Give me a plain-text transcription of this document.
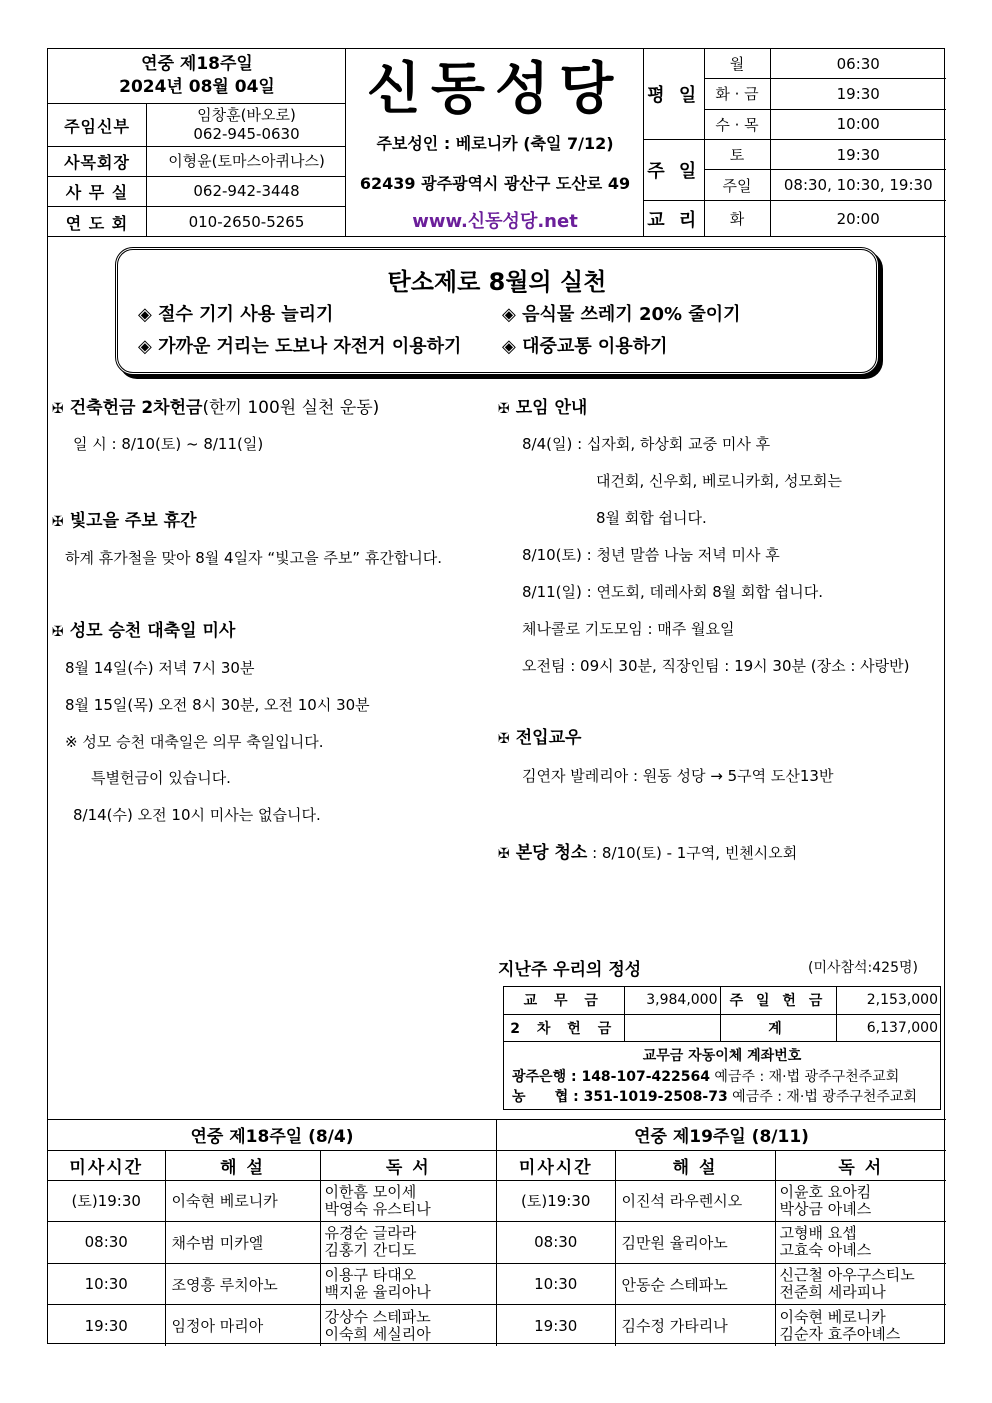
연중 제18주일
2024년 08월 04일
주임신부
임창훈(바오로)
062-945-0630
사목회장	이형윤(토마스아퀴나스)
사 무 실	062-942-3448
연 도 회	010-2650-5265
신동성당
주보성인 : 베로니카 (축일 7/12)
62439 광주광역시 광산구 도산로 49
www.신동성당.net
평 일	월	06:30
	화 · 금	19:30
	수 · 목	10:00
주 일	토	19:30
	주일	08:30, 10:30, 19:30
교 리	화	20:00
탄소제로 8월의 실천
◈ 절수 기기 사용 늘리기	◈ 음식물 쓰레기 20% 줄이기
◈ 가까운 거리는 도보나 자전거 이용하기 ◈ 대중교통 이용하기
✠ 건축헌금 2차헌금(한끼 100원 실천 운동)
일 시 : 8/10(토) ~ 8/11(일)
✠ 빛고을 주보 휴간
하계 휴가철을 맞아 8월 4일자 “빛고을 주보” 휴간합니다.
✠ 성모 승천 대축일 미사
8월 14일(수) 저녁 7시 30분
8월 15일(목) 오전 8시 30분, 오전 10시 30분
※ 성모 승천 대축일은 의무 축일입니다.
특별헌금이 있습니다.
8/14(수) 오전 10시 미사는 없습니다.
✠ 모임 안내
8/4(일) : 십자회, 하상회 교중 미사 후
대건회, 신우회, 베로니카회, 성모회는
8월 회합 쉽니다.
8/10(토) : 청년 말씀 나눔 저녁 미사 후
8/11(일) : 연도회, 데레사회 8월 회합 쉽니다.
체나콜로 기도모임 : 매주 월요일
오전팀 : 09시 30분, 직장인팀 : 19시 30분 (장소 : 사랑반)
✠ 전입교우
김연자 발레리아 : 원동 성당 → 5구역 도산13반
✠ 본당 청소 : 8/10(토) - 1구역, 빈첸시오회
지난주 우리의 정성	(미사참석:425명)
교 무 금	3,984,000	주 일 헌 금	2,153,000
2 차 헌 금		계	6,137,000
교무금 자동이체 계좌번호
광주은행 : 148-107-422564 예금주 : 재·법 광주구천주교회
농      협 : 351-1019-2508-73 예금주 : 재·법 광주구천주교회
연중 제18주일 (8/4)		
미사시간	해 설	독 서
(토)19:30	이숙현 베로니카	이한흠 모이세
박영숙 유스티나

08:30	채수범 미카엘	유경순 글라라
김홍기 간디도

10:30	조영흥 루치아노	이용구 타대오
백지윤 율리아나

19:30	임정아 마리아	강상수 스테파노
이숙희 세실리아
연중 제19주일 (8/11)		
미사시간	해 설	독 서
(토)19:30	이진석 라우렌시오	이윤호 요아킴
박상금 아녜스

08:30	김만원 율리아노	고형배 요셉
고효숙 아녜스

10:30	안동순 스테파노	신근철 아우구스티노
전준희 세라피나

19:30	김수정 가타리나	이숙현 베로니카
김순자 효주아녜스
